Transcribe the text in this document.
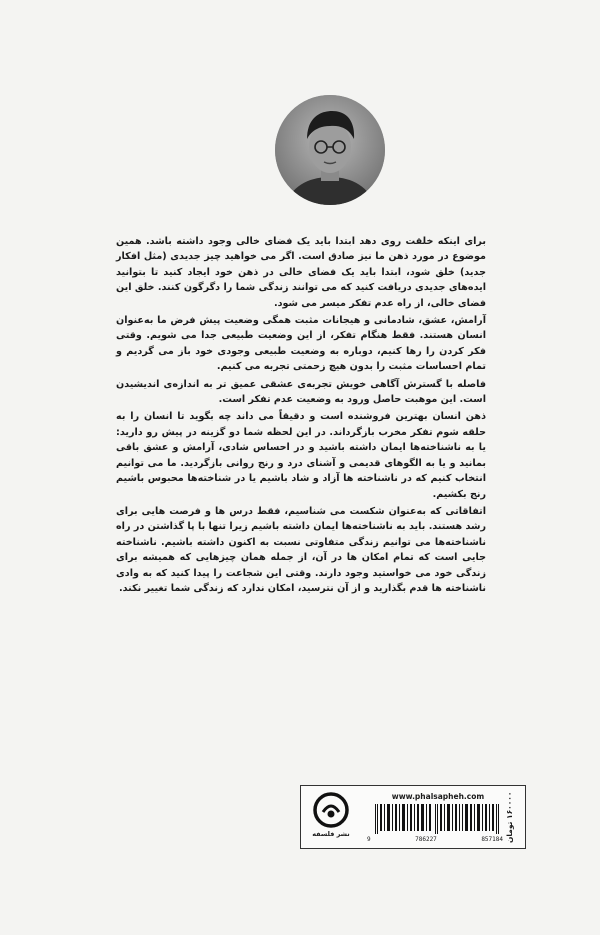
برای اینکه خلقت روی دهد ابتدا باید یک فضای خالی وجود داشته باشد. همین موضوع در مورد ذهن ما نیز صادق است. اگر می خواهید چیز جدیدی (مثل افکار جدید) خلق شود، ابتدا باید یک فضای خالی در ذهن خود ایجاد کنید تا بتوانید ایده‌های جدیدی دریافت کنید که می توانند زندگی شما را دگرگون کنند. خلق این فضای خالی، از راه عدم تفکر میسر می شود.

آرامش، عشق، شادمانی و هیجانات مثبت همگی وضعیت پیش فرض ما به‌عنوان انسان هستند. فقط هنگام تفکر، از این وضعیت طبیعی جدا می شویم. وقتی فکر کردن را رها کنیم، دوباره به وضعیت طبیعی وجودی خود باز می گردیم و تمام احساسات مثبت را بدون هیچ زحمتی تجربه می کنیم.

فاصله با گسترش آگاهی خویش تجربه‌ی عشقی عمیق تر به اندازه‌ی اندیشیدن است. این موهبت حاصل ورود به وضعیت عدم تفکر است.

ذهن انسان بهترین فروشنده است و دقیقاً می داند چه بگوید تا انسان را به حلقه شوم تفکر مخرب بازگرداند. در این لحظه شما دو گزینه در پیش رو دارید: یا به ناشناخته‌ها ایمان داشته باشید و در احساس شادی، آرامش و عشق باقی بمانید و یا به الگوهای قدیمی و آشنای درد و رنج روانی بازگردید. ما می توانیم انتخاب کنیم که در ناشناخته ها آزاد و شاد باشیم یا در شناخته‌ها محبوس باشیم رنج بکشیم.

اتفاقاتی که به‌عنوان شکست می شناسیم، فقط درس ها و فرصت هایی برای رشد هستند. باید به ناشناخته‌ها ایمان داشته باشیم زیرا تنها با پا گذاشتن در راه ناشناخته‌ها می توانیم زندگی متفاوتی نسبت به اکنون داشته باشیم. ناشناخته جایی است که تمام امکان ها در آن، از جمله همان چیزهایی که همیشه برای زندگی خود می خواستید وجود دارند. وقتی این شجاعت را پیدا کنید که به وادی ناشناخته ها قدم بگذارید و از آن نترسید، امکان ندارد که زندگی شما تغییر نکند.

نشر فلسفه
www.phalsapheh.com
9	786227	857184 ۱۶۰۰۰۰ تومان
